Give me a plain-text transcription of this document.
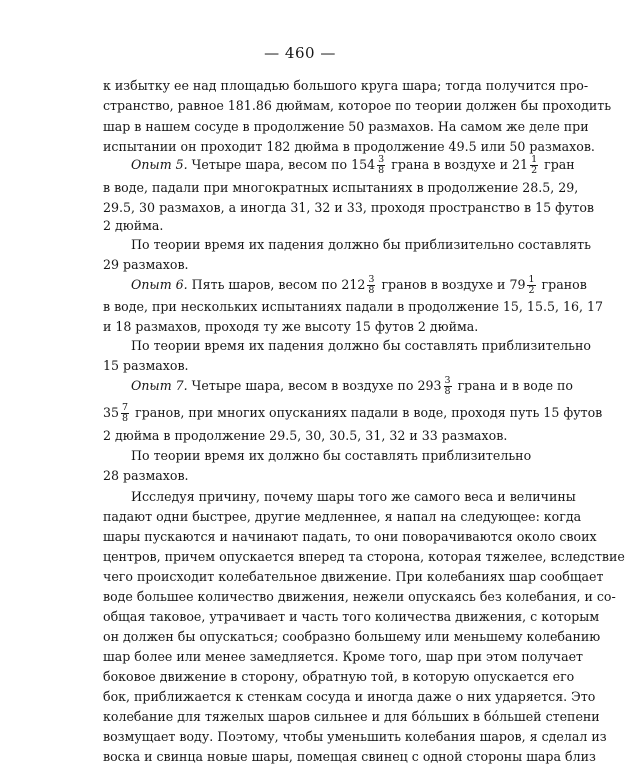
— 460 —
к избытку ее над площадью большого круга шара; тогда получится про-
странство, равное 181.86 дюймам, которое по теории должен бы проходить
шар в нашем сосуде в продолжение 50 размахов. На самом же деле при
испытании он проходит 182 дюйма в продолжение 49.5 или 50 размахов.
Опыт 5. Четыре шара, весом по $154 \frac{3}{8}$ грана в воздухе и $21 \frac{1}{2}$ гран
в воде, падали при многократных испытаниях в продолжение 28.5, 29,
29.5, 30 размахов, а иногда 31, 32 и 33, проходя пространство в 15 футов
2 дюйма.
По теории время их падения должно бы приблизительно составлять
29 размахов.
Опыт 6. Пять шаров, весом по $212 \frac{3}{8}$ гранов в воздухе и $79 \frac{1}{2}$ гранов
в воде, при нескольких испытаниях падали в продолжение 15, 15.5, 16, 17
и 18 размахов, проходя ту же высоту 15 футов 2 дюйма.
По теории время их падения должно бы составлять приблизительно
15 размахов.
Опыт 7. Четыре шара, весом в воздухе по $293 \frac{3}{8}$ грана и в воде по
$35 \frac{7}{8}$ гранов, при многих опусканиях падали в воде, проходя путь 15 футов
2 дюйма в продолжение 29.5, 30, 30.5, 31, 32 и 33 размахов.
По теории время их должно бы составлять приблизительно
28 размахов.
Исследуя причину, почему шары того же самого веса и величины
падают одни быстрее, другие медленнее, я напал на следующее: когда
шары пускаются и начинают падать, то они поворачиваются около своих
центров, причем опускается вперед та сторона, которая тяжелее, вследствие
чего происходит колебательное движение. При колебаниях шар сообщает
воде большее количество движения, нежели опускаясь без колебания, и со-
общая таковое, утрачивает и часть того количества движения, с которым
он должен бы опускаться; сообразно большему или меньшему колебанию
шар более или менее замедляется. Кроме того, шар при этом получает
боковое движение в сторону, обратную той, в которую опускается его
бок, приближается к стенкам сосуда и иногда даже о них ударяется. Это
колебание для тяжелых шаров сильнее и для бóльших в бóльшей степени
возмущает воду. Поэтому, чтобы уменьшить колебания шаров, я сделал из
воска и свинца новые шары, помещая свинец с одной стороны шара близ
